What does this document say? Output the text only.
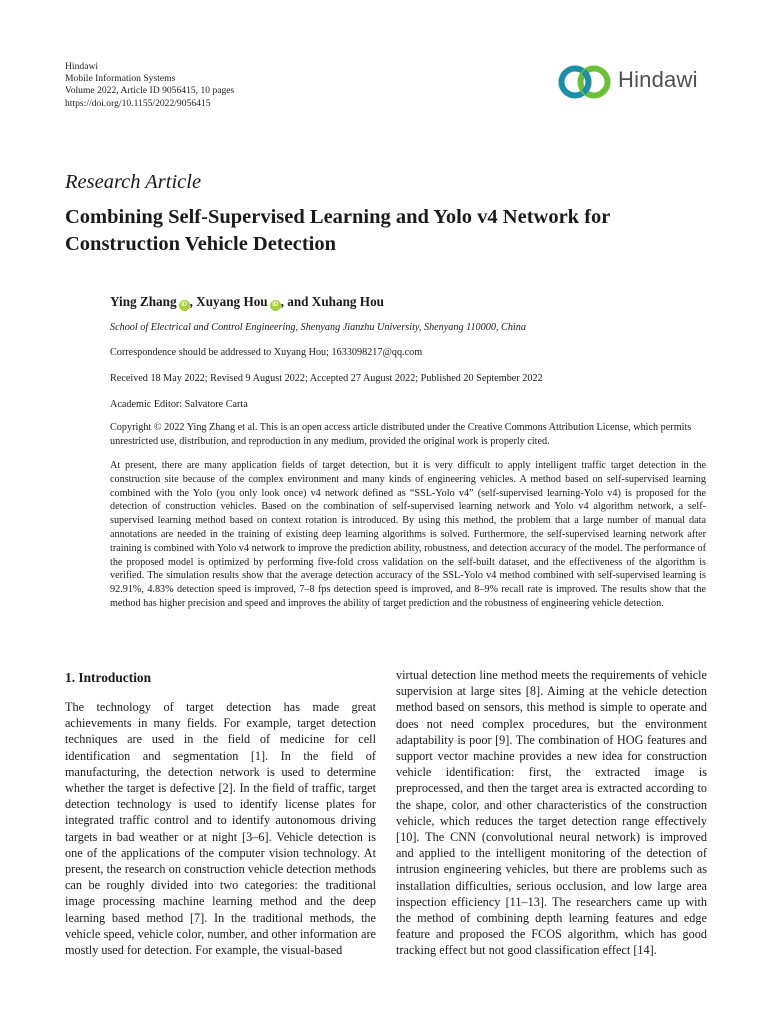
Hindawi
Mobile Information Systems
Volume 2022, Article ID 9056415, 10 pages
https://doi.org/10.1155/2022/9056415
Hindawi
Research Article
Combining Self-Supervised Learning and Yolo v4 Network for Construction Vehicle Detection
Ying Zhang iD , Xuyang Hou iD , and Xuhang Hou
School of Electrical and Control Engineering, Shenyang Jianzhu University, Shenyang 110000, China
Correspondence should be addressed to Xuyang Hou; 1633098217@qq.com
Received 18 May 2022; Revised 9 August 2022; Accepted 27 August 2022; Published 20 September 2022
Academic Editor: Salvatore Carta
Copyright © 2022 Ying Zhang et al. This is an open access article distributed under the Creative Commons Attribution License, which permits unrestricted use, distribution, and reproduction in any medium, provided the original work is properly cited.
At present, there are many application fields of target detection, but it is very difficult to apply intelligent traffic target detection in the construction site because of the complex environment and many kinds of engineering vehicles. A method based on self-supervised learning combined with the Yolo (you only look once) v4 network defined as “SSL-Yolo v4” (self-supervised learning-Yolo v4) is proposed for the detection of construction vehicles. Based on the combination of self-supervised learning network and Yolo v4 algorithm network, a self-supervised learning method based on context rotation is introduced. By using this method, the problem that a large number of manual data annotations are needed in the training of existing deep learning algorithms is solved. Furthermore, the self-supervised learning network after training is combined with Yolo v4 network to improve the prediction ability, robustness, and detection accuracy of the model. The performance of the proposed model is optimized by performing five-fold cross validation on the self-built dataset, and the effectiveness of the algorithm is verified. The simulation results show that the average detection accuracy of the SSL-Yolo v4 method combined with self-supervised learning is 92.91%, 4.83% detection speed is improved, 7–8 fps detection speed is improved, and 8–9% recall rate is improved. The results show that the method has higher precision and speed and improves the ability of target prediction and the robustness of engineering vehicle detection.
1. Introduction
The technology of target detection has made great achievements in many fields. For example, target detection techniques are used in the field of medicine for cell identification and segmentation [1]. In the field of manufacturing, the detection network is used to determine whether the target is defective [2]. In the field of traffic, target detection technology is used to identify license plates for integrated traffic control and to identify autonomous driving targets in bad weather or at night [3–6]. Vehicle detection is one of the applications of the computer vision technology. At present, the research on construction vehicle detection methods can be roughly divided into two categories: the traditional image processing machine learning method and the deep learning based method [7]. In the traditional methods, the vehicle speed, vehicle color, number, and other information are mostly used for detection. For example, the visual-based
virtual detection line method meets the requirements of vehicle supervision at large sites [8]. Aiming at the vehicle detection method based on sensors, this method is simple to operate and does not need complex procedures, but the environment adaptability is poor [9]. The combination of HOG features and support vector machine provides a new idea for construction vehicle identification: first, the extracted image is preprocessed, and then the target area is extracted according to the shape, color, and other characteristics of the construction vehicle, which reduces the target detection range effectively [10]. The CNN (convolutional neural network) is improved and applied to the intelligent monitoring of the detection of intrusion engineering vehicles, but there are problems such as installation difficulties, serious occlusion, and low large area inspection efficiency [11–13]. The researchers came up with the method of combining depth learning features and edge feature and proposed the FCOS algorithm, which has good tracking effect but not good classification effect [14].
